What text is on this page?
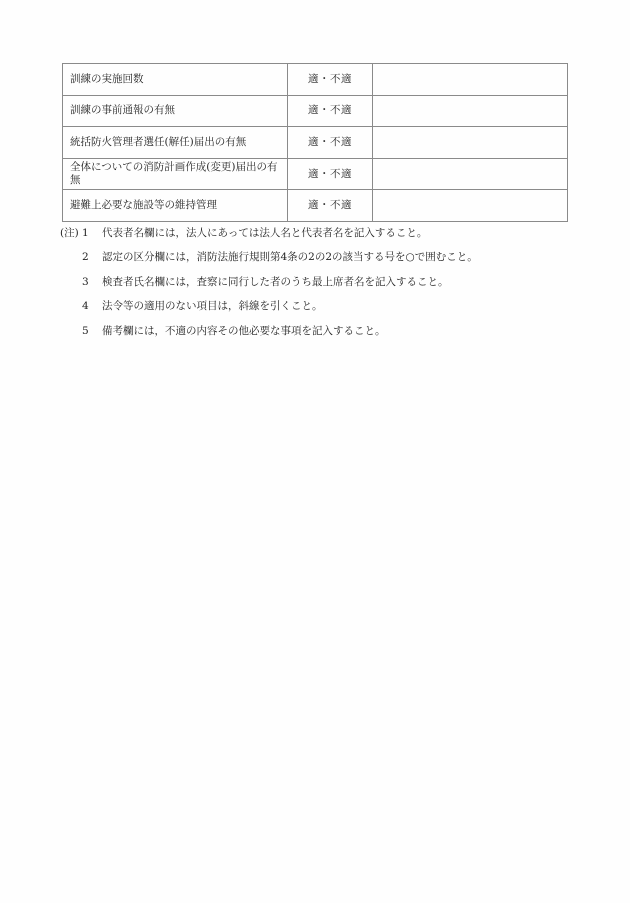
訓練の実施回数	適・不適	
訓練の事前通報の有無	適・不適	
統括防火管理者選任(解任)届出の有無	適・不適	
全体についての消防計画作成(変更)届出の有無	適・不適	
避難上必要な施設等の維持管理	適・不適	
(注) 1	代表者名欄には，法人にあっては法人名と代表者名を記入すること。
2	認定の区分欄には，消防法施行規則第4条の2の2の該当する号を○で囲むこと。
3	検査者氏名欄には，査察に同行した者のうち最上席者名を記入すること。
4	法令等の適用のない項目は，斜線を引くこと。
5	備考欄には，不適の内容その他必要な事項を記入すること。
